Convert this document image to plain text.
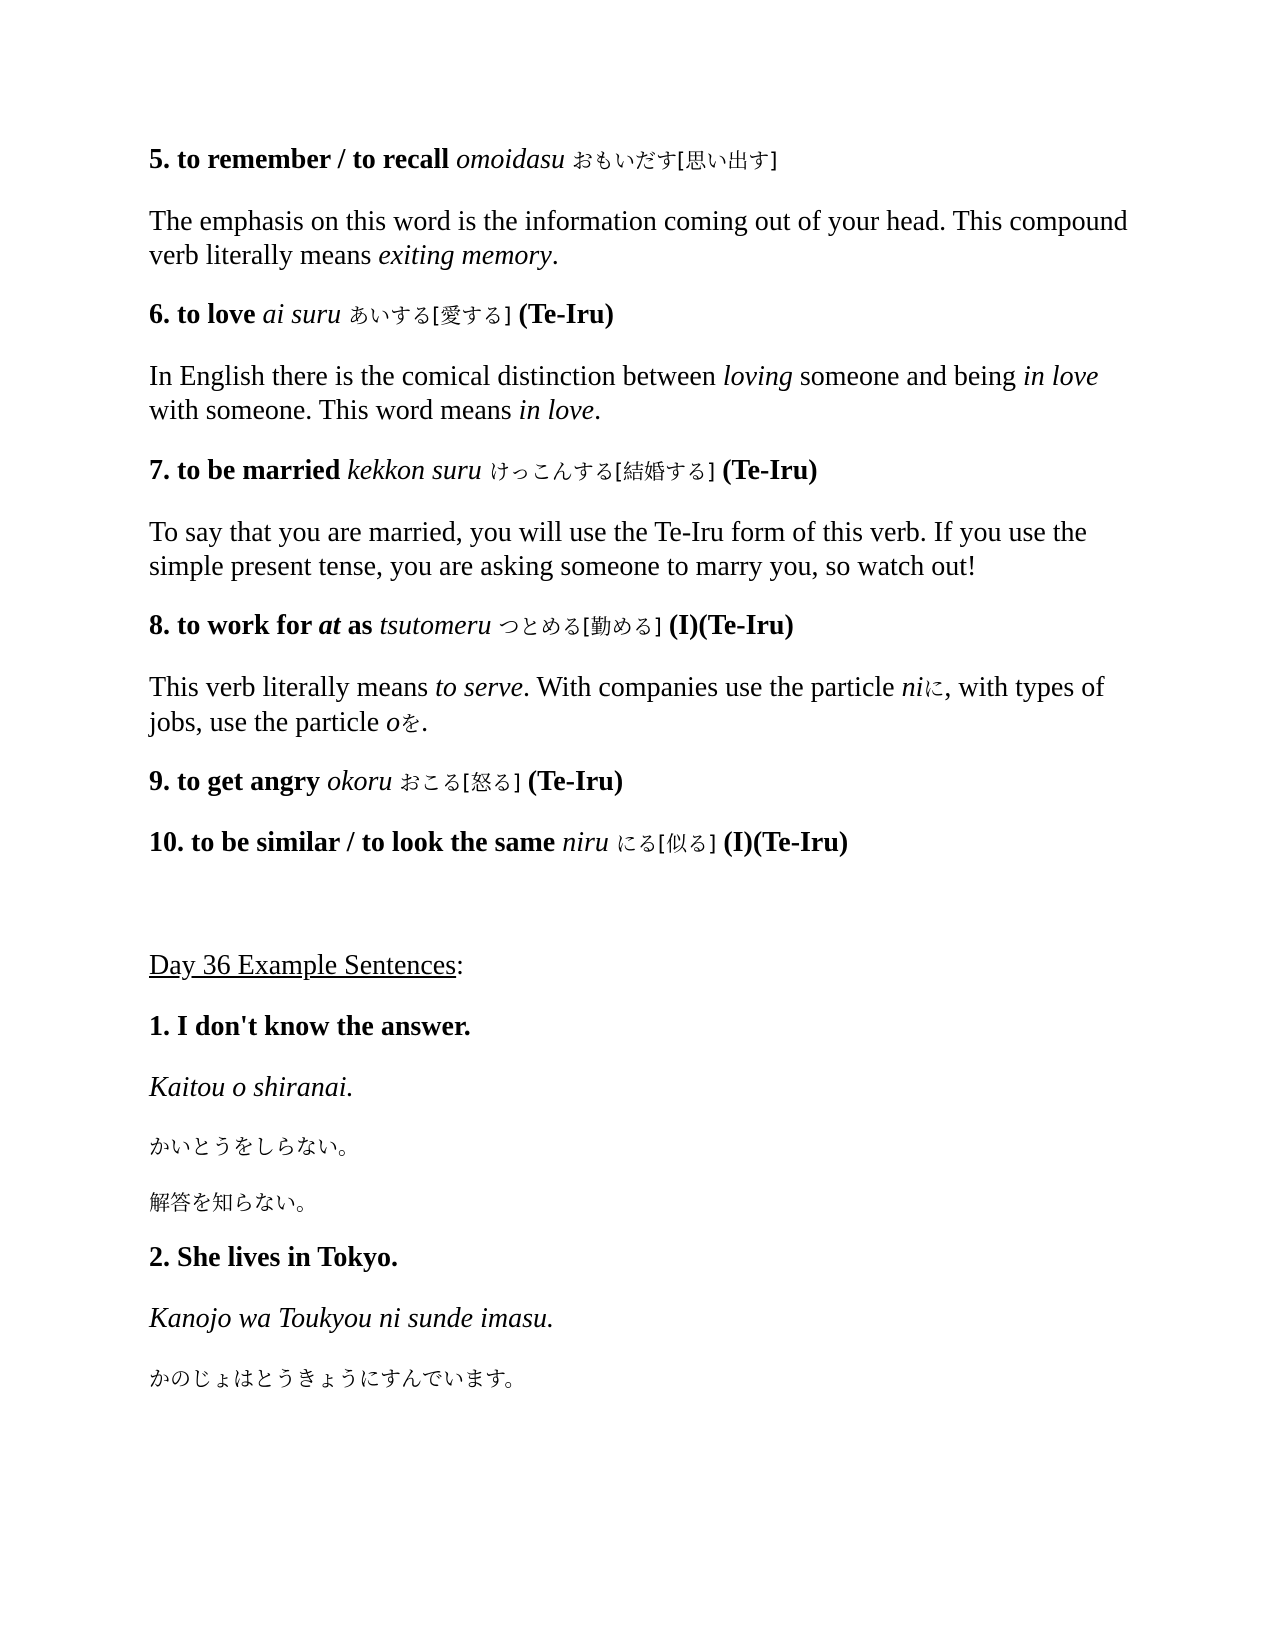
5. to remember / to recall omoidasu おもいだす[思い出す]
The emphasis on this word is the information coming out of your head. This compound verb literally means exiting memory.
6. to love ai suru あいする[愛する] (Te-Iru)
In English there is the comical distinction between loving someone and being in love with someone. This word means in love.
7. to be married kekkon suru けっこんする[結婚する] (Te-Iru)
To say that you are married, you will use the Te-Iru form of this verb. If you use the simple present tense, you are asking someone to marry you, so watch out!
8. to work for at as tsutomeru つとめる[勤める] (I)(Te-Iru)
This verb literally means to serve. With companies use the particle niに, with types of jobs, use the particle oを.
9. to get angry okoru おこる[怒る] (Te-Iru)
10. to be similar / to look the same niru にる[似る] (I)(Te-Iru)
Day 36 Example Sentences:
1. I don't know the answer.
Kaitou o shiranai.
かいとうをしらない。
解答を知らない。
2. She lives in Tokyo.
Kanojo wa Toukyou ni sunde imasu.
かのじょはとうきょうにすんでいます。
